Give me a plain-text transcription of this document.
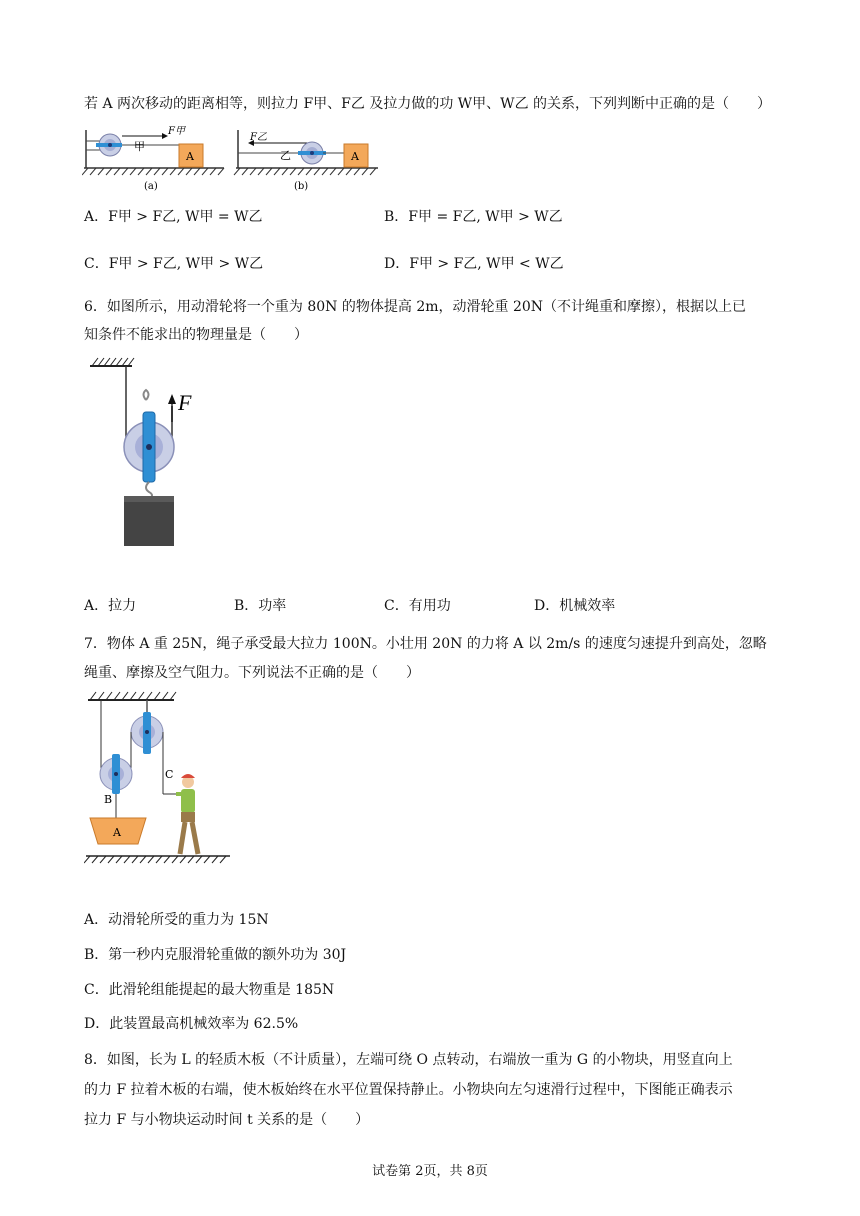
若 A 两次移动的距离相等，则拉力 F甲、F乙 及拉力做的功 W甲、W乙 的关系，下列判断中正确的是（　　）
F甲
甲
A
(a)
F乙
乙	A
(b)
A．F甲 > F乙, W甲 = W乙	B．F甲 = F乙, W甲 > W乙
C．F甲 > F乙, W甲 > W乙	D．F甲 > F乙, W甲 < W乙
6．如图所示，用动滑轮将一个重为 80N 的物体提高 2m，动滑轮重 20N（不计绳重和摩擦），根据以上已
知条件不能求出的物理量是（　　）
F
A．拉力	B．功率	C．有用功	D．机械效率
7．物体 A 重 25N，绳子承受最大拉力 100N。小壮用 20N 的力将 A 以 2m/s 的速度匀速提升到高处，忽略
绳重、摩擦及空气阻力。下列说法不正确的是（　　）
B
C
A
A．动滑轮所受的重力为 15N
B．第一秒内克服滑轮重做的额外功为 30J
C．此滑轮组能提起的最大物重是 185N
D．此装置最高机械效率为 62.5%
8．如图，长为 L 的轻质木板（不计质量），左端可绕 O 点转动，右端放一重为 G 的小物块，用竖直向上
的力 F 拉着木板的右端，使木板始终在水平位置保持静止。小物块向左匀速滑行过程中，下图能正确表示
拉力 F 与小物块运动时间 t 关系的是（　　）
试卷第 2页，共 8页
